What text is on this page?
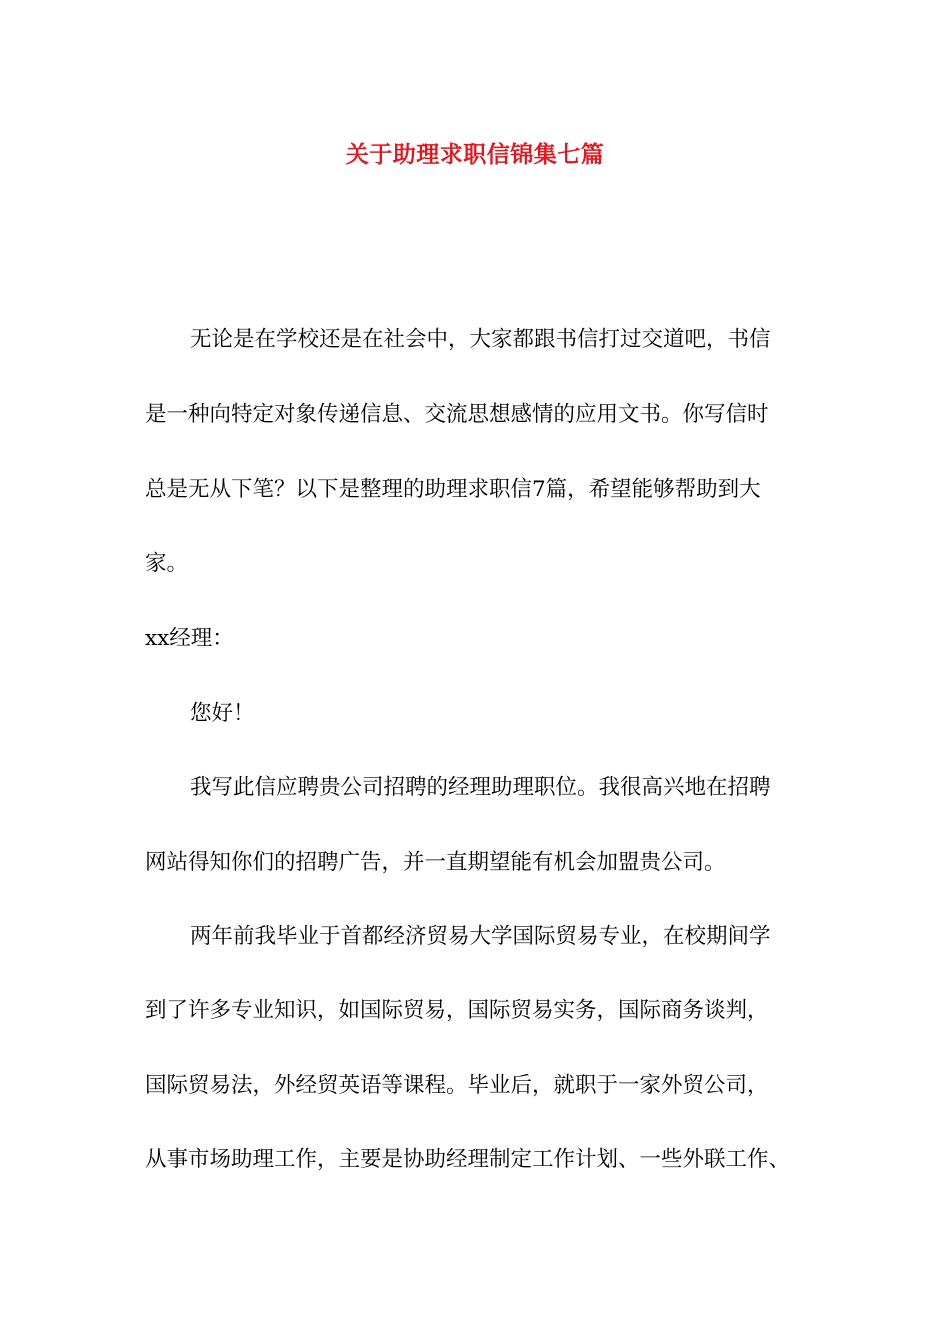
关于助理求职信锦集七篇
无论是在学校还是在社会中，大家都跟书信打过交道吧，书信
是一种向特定对象传递信息、交流思想感情的应用文书。你写信时
总是无从下笔？以下是整理的助理求职信7篇，希望能够帮助到大
家。
xx经理：
您好！
我写此信应聘贵公司招聘的经理助理职位。我很高兴地在招聘
网站得知你们的招聘广告，并一直期望能有机会加盟贵公司。
两年前我毕业于首都经济贸易大学国际贸易专业，在校期间学
到了许多专业知识，如国际贸易，国际贸易实务，国际商务谈判，
国际贸易法，外经贸英语等课程。毕业后，就职于一家外贸公司，
从事市场助理工作，主要是协助经理制定工作计划、一些外联工作、
